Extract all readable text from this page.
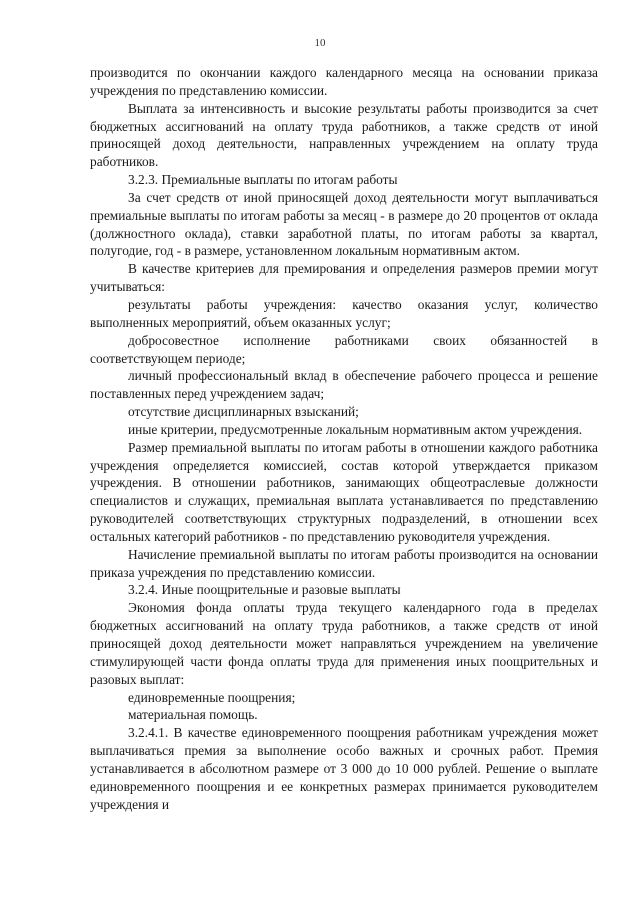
10

производится по окончании каждого календарного месяца на основании приказа учреждения по представлению комиссии.

Выплата за интенсивность и высокие результаты работы производится за счет бюджетных ассигнований на оплату труда работников, а также средств от иной приносящей доход деятельности, направленных учреждением на оплату труда работников.

3.2.3. Премиальные выплаты по итогам работы

За счет средств от иной приносящей доход деятельности могут выплачиваться премиальные выплаты по итогам работы за месяц - в размере до 20 процентов от оклада (должностного оклада), ставки заработной платы, по итогам работы за квартал, полугодие, год - в размере, установленном локальным нормативным актом.

В качестве критериев для премирования и определения размеров премии могут учитываться:

результаты работы учреждения: качество оказания услуг, количество выполненных мероприятий, объем оказанных услуг;

добросовестное исполнение работниками своих обязанностей в соответствующем периоде;

личный профессиональный вклад в обеспечение рабочего процесса и решение поставленных перед учреждением задач;

отсутствие дисциплинарных взысканий;

иные критерии, предусмотренные локальным нормативным актом учреждения.

Размер премиальной выплаты по итогам работы в отношении каждого работника учреждения определяется комиссией, состав которой утверждается приказом учреждения. В отношении работников, занимающих общеотраслевые должности специалистов и служащих, премиальная выплата устанавливается по представлению руководителей соответствующих структурных подразделений, в отношении всех остальных категорий работников - по представлению руководителя учреждения.

Начисление премиальной выплаты по итогам работы производится на основании приказа учреждения по представлению комиссии.

3.2.4. Иные поощрительные и разовые выплаты

Экономия фонда оплаты труда текущего календарного года в пределах бюджетных ассигнований на оплату труда работников, а также средств от иной приносящей доход деятельности может направляться учреждением на увеличение стимулирующей части фонда оплаты труда для применения иных поощрительных и разовых выплат:

единовременные поощрения;

материальная помощь.

3.2.4.1. В качестве единовременного поощрения работникам учреждения может выплачиваться премия за выполнение особо важных и срочных работ. Премия устанавливается в абсолютном размере от 3 000 до 10 000 рублей. Решение о выплате единовременного поощрения и ее конкретных размерах принимается руководителем учреждения и
